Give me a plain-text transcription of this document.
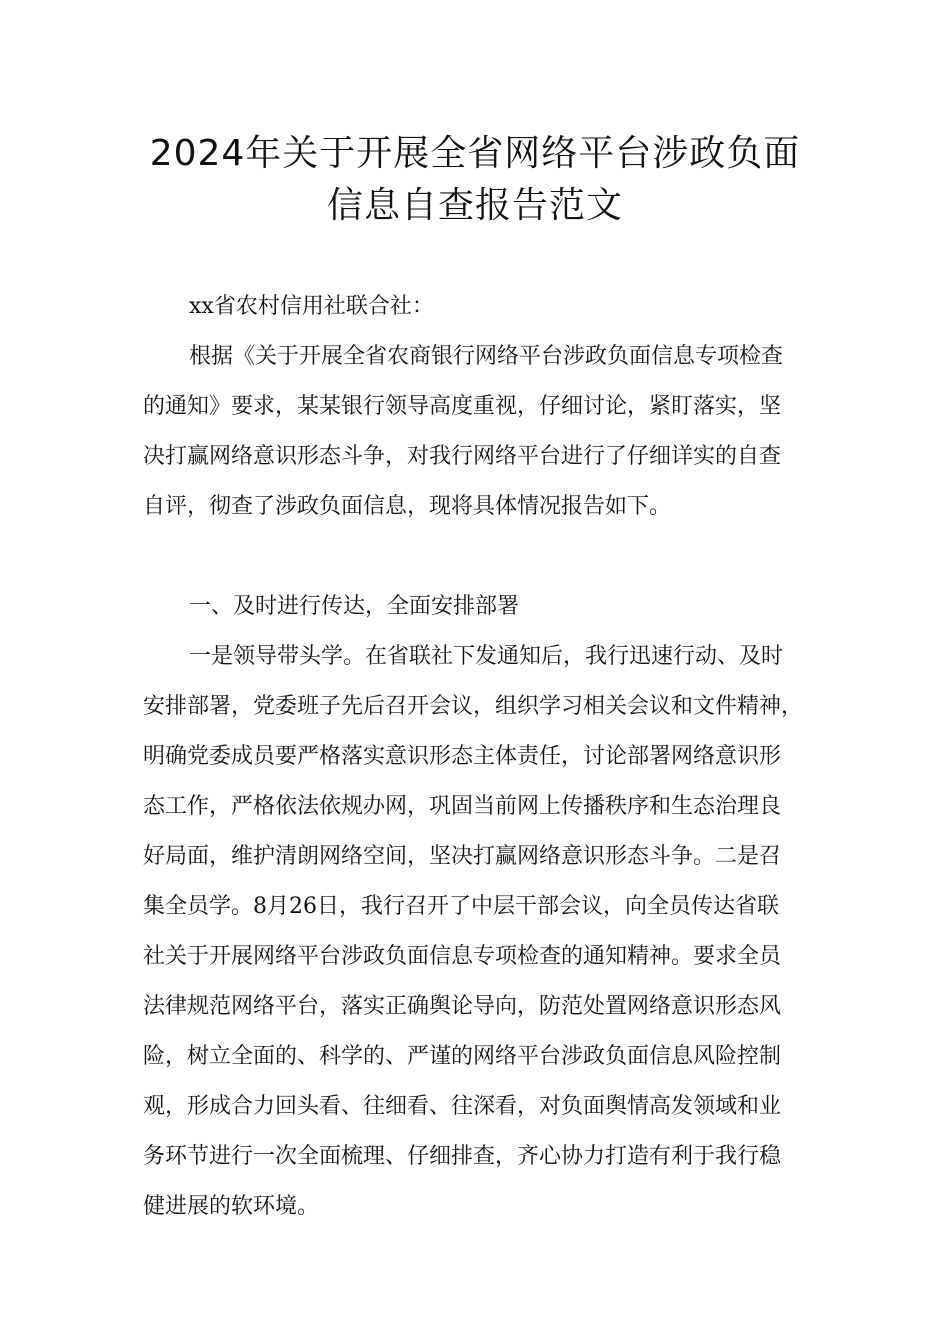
2024年关于开展全省网络平台涉政负面
信息自查报告范文
xx省农村信用社联合社：
根据《关于开展全省农商银行网络平台涉政负面信息专项检查
的通知》要求，某某银行领导高度重视，仔细讨论，紧盯落实，坚
决打赢网络意识形态斗争，对我行网络平台进行了仔细详实的自查
自评，彻查了涉政负面信息，现将具体情况报告如下。
一、及时进行传达，全面安排部署
一是领导带头学。在省联社下发通知后，我行迅速行动、及时
安排部署，党委班子先后召开会议，组织学习相关会议和文件精神，
明确党委成员要严格落实意识形态主体责任，讨论部署网络意识形
态工作，严格依法依规办网，巩固当前网上传播秩序和生态治理良
好局面，维护清朗网络空间，坚决打赢网络意识形态斗争。二是召
集全员学。8月26日，我行召开了中层干部会议，向全员传达省联
社关于开展网络平台涉政负面信息专项检查的通知精神。要求全员
法律规范网络平台，落实正确舆论导向，防范处置网络意识形态风
险，树立全面的、科学的、严谨的网络平台涉政负面信息风险控制
观，形成合力回头看、往细看、往深看，对负面舆情高发领域和业
务环节进行一次全面梳理、仔细排查，齐心协力打造有利于我行稳
健进展的软环境。
